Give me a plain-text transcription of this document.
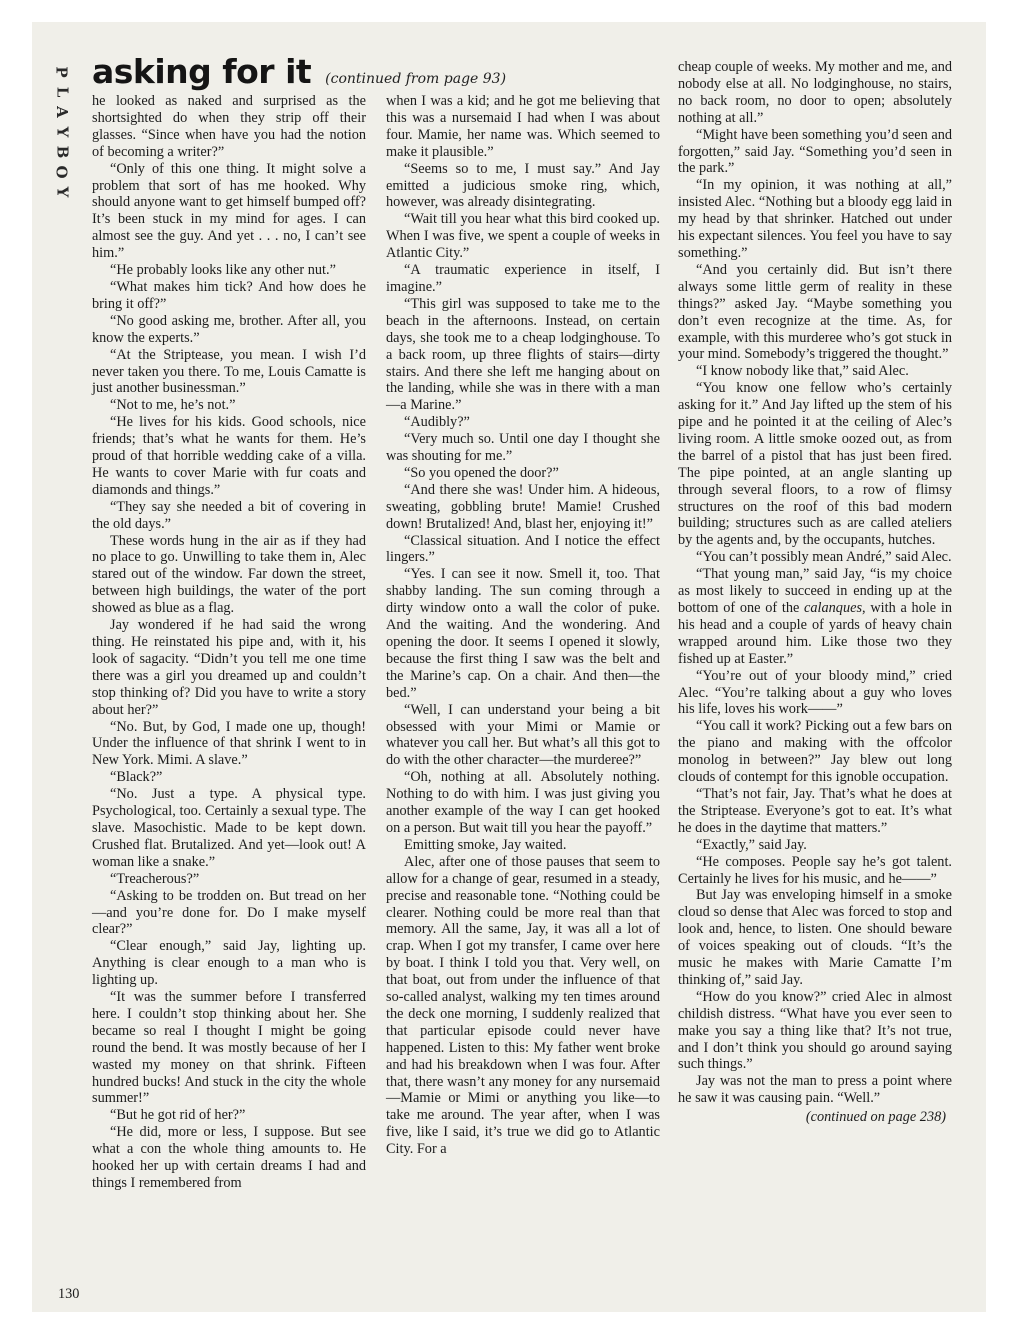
P
L
A
Y
B
O
Y
asking for it (continued from page 93)

he looked as naked and surprised as the shortsighted do when they strip off their glasses. “Since when have you had the notion of becoming a writer?”

“Only of this one thing. It might solve a problem that sort of has me hooked. Why should anyone want to get himself bumped off? It’s been stuck in my mind for ages. I can almost see the guy. And yet . . . no, I can’t see him.”

“He probably looks like any other nut.”

“What makes him tick? And how does he bring it off?”

“No good asking me, brother. After all, you know the experts.”

“At the Striptease, you mean. I wish I’d never taken you there. To me, Louis Camatte is just another businessman.”

“Not to me, he’s not.”

“He lives for his kids. Good schools, nice friends; that’s what he wants for them. He’s proud of that horrible wedding cake of a villa. He wants to cover Marie with fur coats and diamonds and things.”

“They say she needed a bit of covering in the old days.”

These words hung in the air as if they had no place to go. Unwilling to take them in, Alec stared out of the window. Far down the street, between high buildings, the water of the port showed as blue as a flag.

Jay wondered if he had said the wrong thing. He reinstated his pipe and, with it, his look of sagacity. “Didn’t you tell me one time there was a girl you dreamed up and couldn’t stop thinking of? Did you have to write a story about her?”

“No. But, by God, I made one up, though! Under the influence of that shrink I went to in New York. Mimi. A slave.”

“Black?”

“No. Just a type. A physical type. Psychological, too. Certainly a sexual type. The slave. Masochistic. Made to be kept down. Crushed flat. Brutalized. And yet—look out! A woman like a snake.”

“Treacherous?”

“Asking to be trodden on. But tread on her—and you’re done for. Do I make myself clear?”

“Clear enough,” said Jay, lighting up. Anything is clear enough to a man who is lighting up.

“It was the summer before I transferred here. I couldn’t stop thinking about her. She became so real I thought I might be going round the bend. It was mostly because of her I wasted my money on that shrink. Fifteen hundred bucks! And stuck in the city the whole summer!”

“But he got rid of her?”

“He did, more or less, I suppose. But see what a con the whole thing amounts to. He hooked her up with certain dreams I had and things I remembered from

when I was a kid; and he got me believing that this was a nursemaid I had when I was about four. Mamie, her name was. Which seemed to make it plausible.”

“Seems so to me, I must say.” And Jay emitted a judicious smoke ring, which, however, was already disintegrating.

“Wait till you hear what this bird cooked up. When I was five, we spent a couple of weeks in Atlantic City.”

“A traumatic experience in itself, I imagine.”

“This girl was supposed to take me to the beach in the afternoons. Instead, on certain days, she took me to a cheap lodginghouse. To a back room, up three flights of stairs—dirty stairs. And there she left me hanging about on the landing, while she was in there with a man—a Marine.”

“Audibly?”

“Very much so. Until one day I thought she was shouting for me.”

“So you opened the door?”

“And there she was! Under him. A hideous, sweating, gobbling brute! Mamie! Crushed down! Brutalized! And, blast her, enjoying it!”

“Classical situation. And I notice the effect lingers.”

“Yes. I can see it now. Smell it, too. That shabby landing. The sun coming through a dirty window onto a wall the color of puke. And the waiting. And the wondering. And opening the door. It seems I opened it slowly, because the first thing I saw was the belt and the Marine’s cap. On a chair. And then—the bed.”

“Well, I can understand your being a bit obsessed with your Mimi or Mamie or whatever you call her. But what’s all this got to do with the other character—the murderee?”

“Oh, nothing at all. Absolutely nothing. Nothing to do with him. I was just giving you another example of the way I can get hooked on a person. But wait till you hear the payoff.”

Emitting smoke, Jay waited.

Alec, after one of those pauses that seem to allow for a change of gear, resumed in a steady, precise and reasonable tone. “Nothing could be clearer. Nothing could be more real than that memory. All the same, Jay, it was all a lot of crap. When I got my transfer, I came over here by boat. I think I told you that. Very well, on that boat, out from under the influence of that so-called analyst, walking my ten times around the deck one morning, I suddenly realized that that particular episode could never have happened. Listen to this: My father went broke and had his breakdown when I was four. After that, there wasn’t any money for any nursemaid—Mamie or Mimi or anything you like—to take me around. The year after, when I was five, like I said, it’s true we did go to Atlantic City. For a

cheap couple of weeks. My mother and me, and nobody else at all. No lodginghouse, no stairs, no back room, no door to open; absolutely nothing at all.”

“Might have been something you’d seen and forgotten,” said Jay. “Something you’d seen in the park.”

“In my opinion, it was nothing at all,” insisted Alec. “Nothing but a bloody egg laid in my head by that shrinker. Hatched out under his expectant silences. You feel you have to say something.”

“And you certainly did. But isn’t there always some little germ of reality in these things?” asked Jay. “Maybe something you don’t even recognize at the time. As, for example, with this murderee who’s got stuck in your mind. Somebody’s triggered the thought.”

“I know nobody like that,” said Alec.

“You know one fellow who’s certainly asking for it.” And Jay lifted up the stem of his pipe and he pointed it at the ceiling of Alec’s living room. A little smoke oozed out, as from the barrel of a pistol that has just been fired. The pipe pointed, at an angle slanting up through several floors, to a row of flimsy structures on the roof of this bad modern building; structures such as are called ateliers by the agents and, by the occupants, hutches.

“You can’t possibly mean André,” said Alec.

“That young man,” said Jay, “is my choice as most likely to succeed in ending up at the bottom of one of the calanques, with a hole in his head and a couple of yards of heavy chain wrapped around him. Like those two they fished up at Easter.”

“You’re out of your bloody mind,” cried Alec. “You’re talking about a guy who loves his life, loves his work——”

“You call it work? Picking out a few bars on the piano and making with the offcolor monolog in between?” Jay blew out long clouds of contempt for this ignoble occupation.

“That’s not fair, Jay. That’s what he does at the Striptease. Everyone’s got to eat. It’s what he does in the daytime that matters.”

“Exactly,” said Jay.

“He composes. People say he’s got talent. Certainly he lives for his music, and he——”

But Jay was enveloping himself in a smoke cloud so dense that Alec was forced to stop and look and, hence, to listen. One should beware of voices speaking out of clouds. “It’s the music he makes with Marie Camatte I’m thinking of,” said Jay.

“How do you know?” cried Alec in almost childish distress. “What have you ever seen to make you say a thing like that? It’s not true, and I don’t think you should go around saying such things.”

Jay was not the man to press a point where he saw it was causing pain. “Well.”

(continued on page 238)

130
